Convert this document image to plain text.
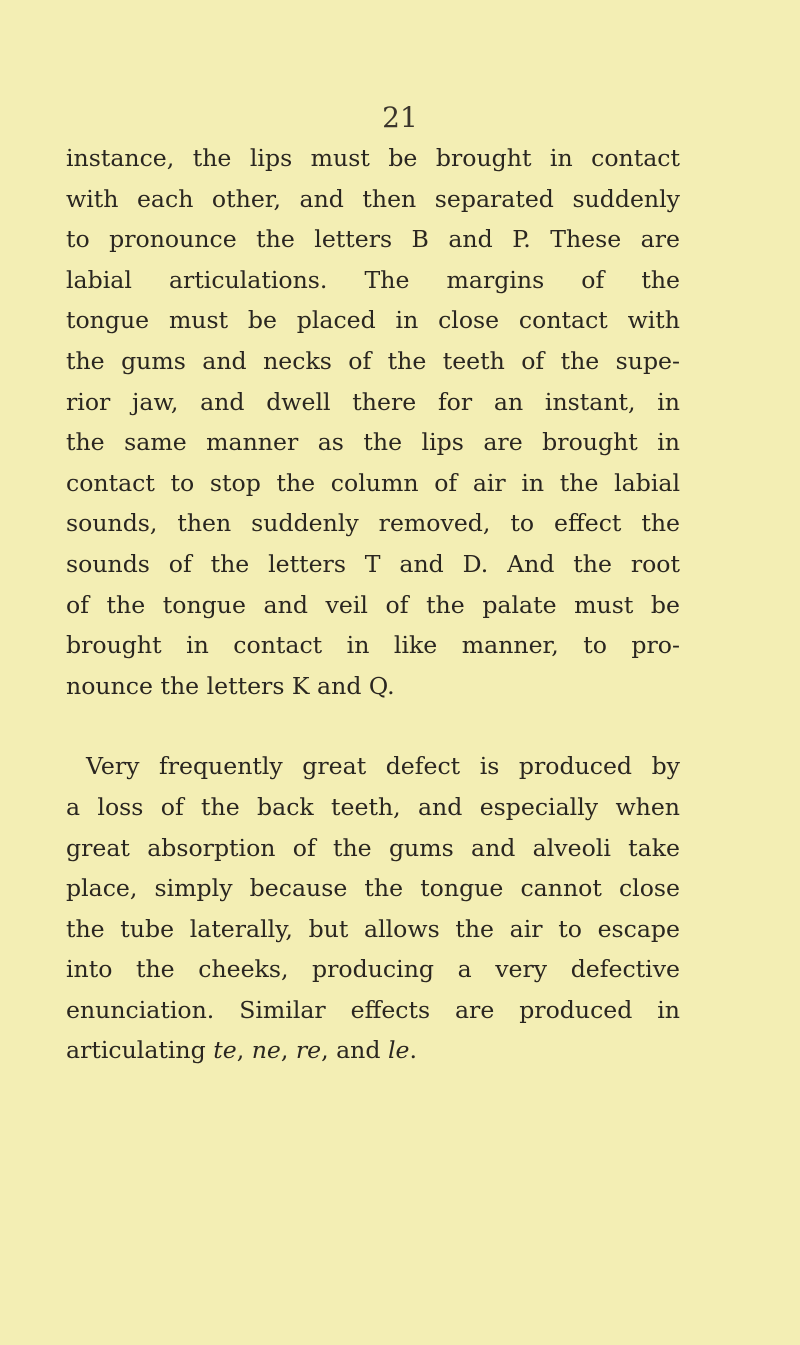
21
instance, the lips must be brought in contact
with each other, and then separated suddenly
to pronounce the letters B and P. These are
labial articulations. The margins of the
tongue must be placed in close contact with
the gums and necks of the teeth of the supe-
rior jaw, and dwell there for an instant, in
the same manner as the lips are brought in
contact to stop the column of air in the labial
sounds, then suddenly removed, to effect the
sounds of the letters T and D. And the root
of the tongue and veil of the palate must be
brought in contact in like manner, to pro-
nounce the letters K and Q.
Very frequently great defect is produced by
a loss of the back teeth, and especially when
great absorption of the gums and alveoli take
place, simply because the tongue cannot close
the tube laterally, but allows the air to escape
into the cheeks, producing a very defective
enunciation. Similar effects are produced in
articulating te, ne, re, and le.
